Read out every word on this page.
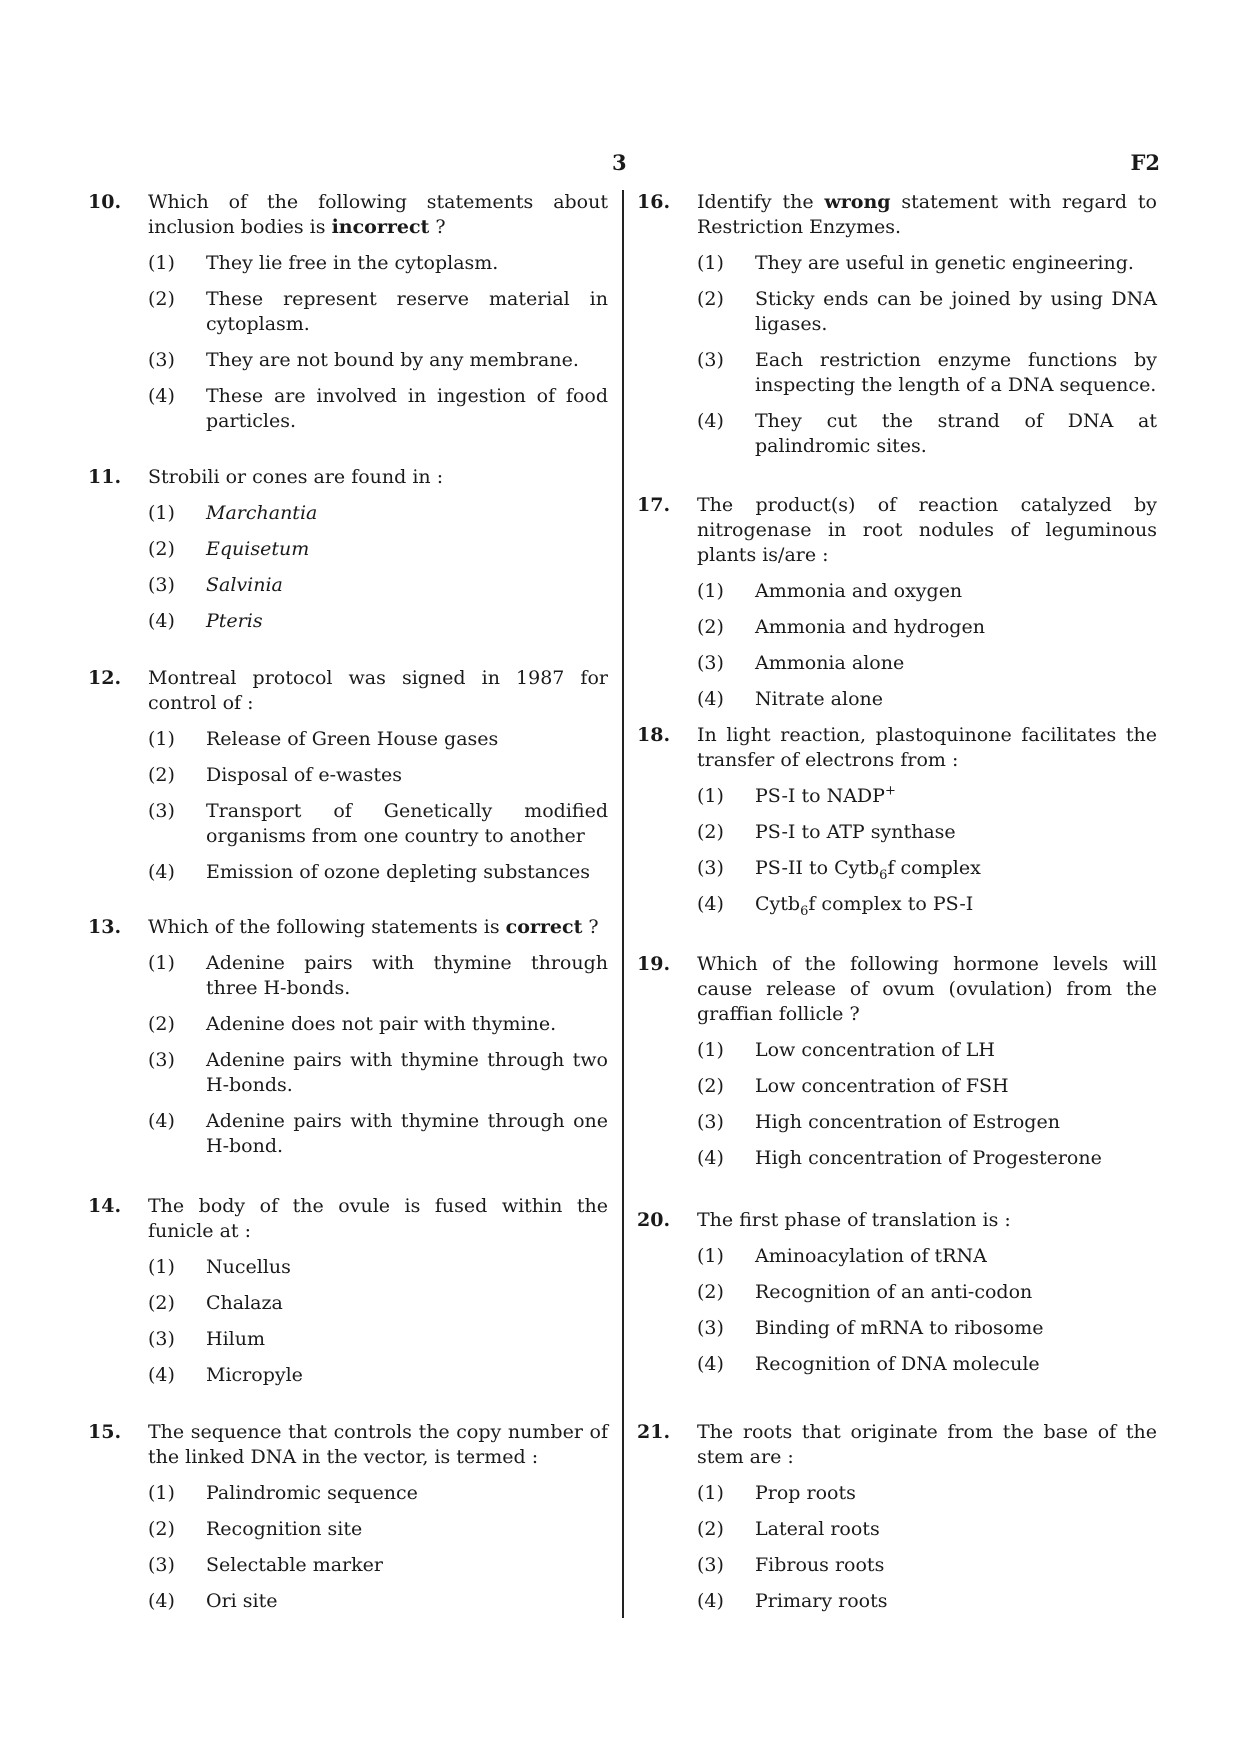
3	F2
10.	Which of the following statements about inclusion bodies is incorrect ?
(1)	They lie free in the cytoplasm.
(2)	These represent reserve material in cytoplasm.
(3)	They are not bound by any membrane.
(4)	These are involved in ingestion of food particles.
11.	Strobili or cones are found in :
(1)	Marchantia
(2)	Equisetum
(3)	Salvinia
(4)	Pteris
12.	Montreal protocol was signed in 1987 for control of :
(1)	Release of Green House gases
(2)	Disposal of e-wastes
(3)	Transport of Genetically modified organisms from one country to another
(4)	Emission of ozone depleting substances
13.	Which of the following statements is correct ?
(1)	Adenine pairs with thymine through three H-bonds.
(2)	Adenine does not pair with thymine.
(3)	Adenine pairs with thymine through two H-bonds.
(4)	Adenine pairs with thymine through one H-bond.
14.	The body of the ovule is fused within the funicle at :
(1)	Nucellus
(2)	Chalaza
(3)	Hilum
(4)	Micropyle
15.	The sequence that controls the copy number of the linked DNA in the vector, is termed :
(1)	Palindromic sequence
(2)	Recognition site
(3)	Selectable marker
(4)	Ori site
16.	Identify the wrong statement with regard to Restriction Enzymes.
(1)	They are useful in genetic engineering.
(2)	Sticky ends can be joined by using DNA ligases.
(3)	Each restriction enzyme functions by inspecting the length of a DNA sequence.
(4)	They cut the strand of DNA at palindromic sites.
17.	The product(s) of reaction catalyzed by nitrogenase in root nodules of leguminous plants is/are :
(1)	Ammonia and oxygen
(2)	Ammonia and hydrogen
(3)	Ammonia alone
(4)	Nitrate alone
18.	In light reaction, plastoquinone facilitates the transfer of electrons from :
(1)	PS-I to NADP+
(2)	PS-I to ATP synthase
(3)	PS-II to Cytb$_6$f complex
(4)	Cytb$_6$f complex to PS-I
19.	Which of the following hormone levels will cause release of ovum (ovulation) from the graffian follicle ?
(1)	Low concentration of LH
(2)	Low concentration of FSH
(3)	High concentration of Estrogen
(4)	High concentration of Progesterone
20.	The first phase of translation is :
(1)	Aminoacylation of tRNA
(2)	Recognition of an anti-codon
(3)	Binding of mRNA to ribosome
(4)	Recognition of DNA molecule
21.	The roots that originate from the base of the stem are :
(1)	Prop roots
(2)	Lateral roots
(3)	Fibrous roots
(4)	Primary roots
